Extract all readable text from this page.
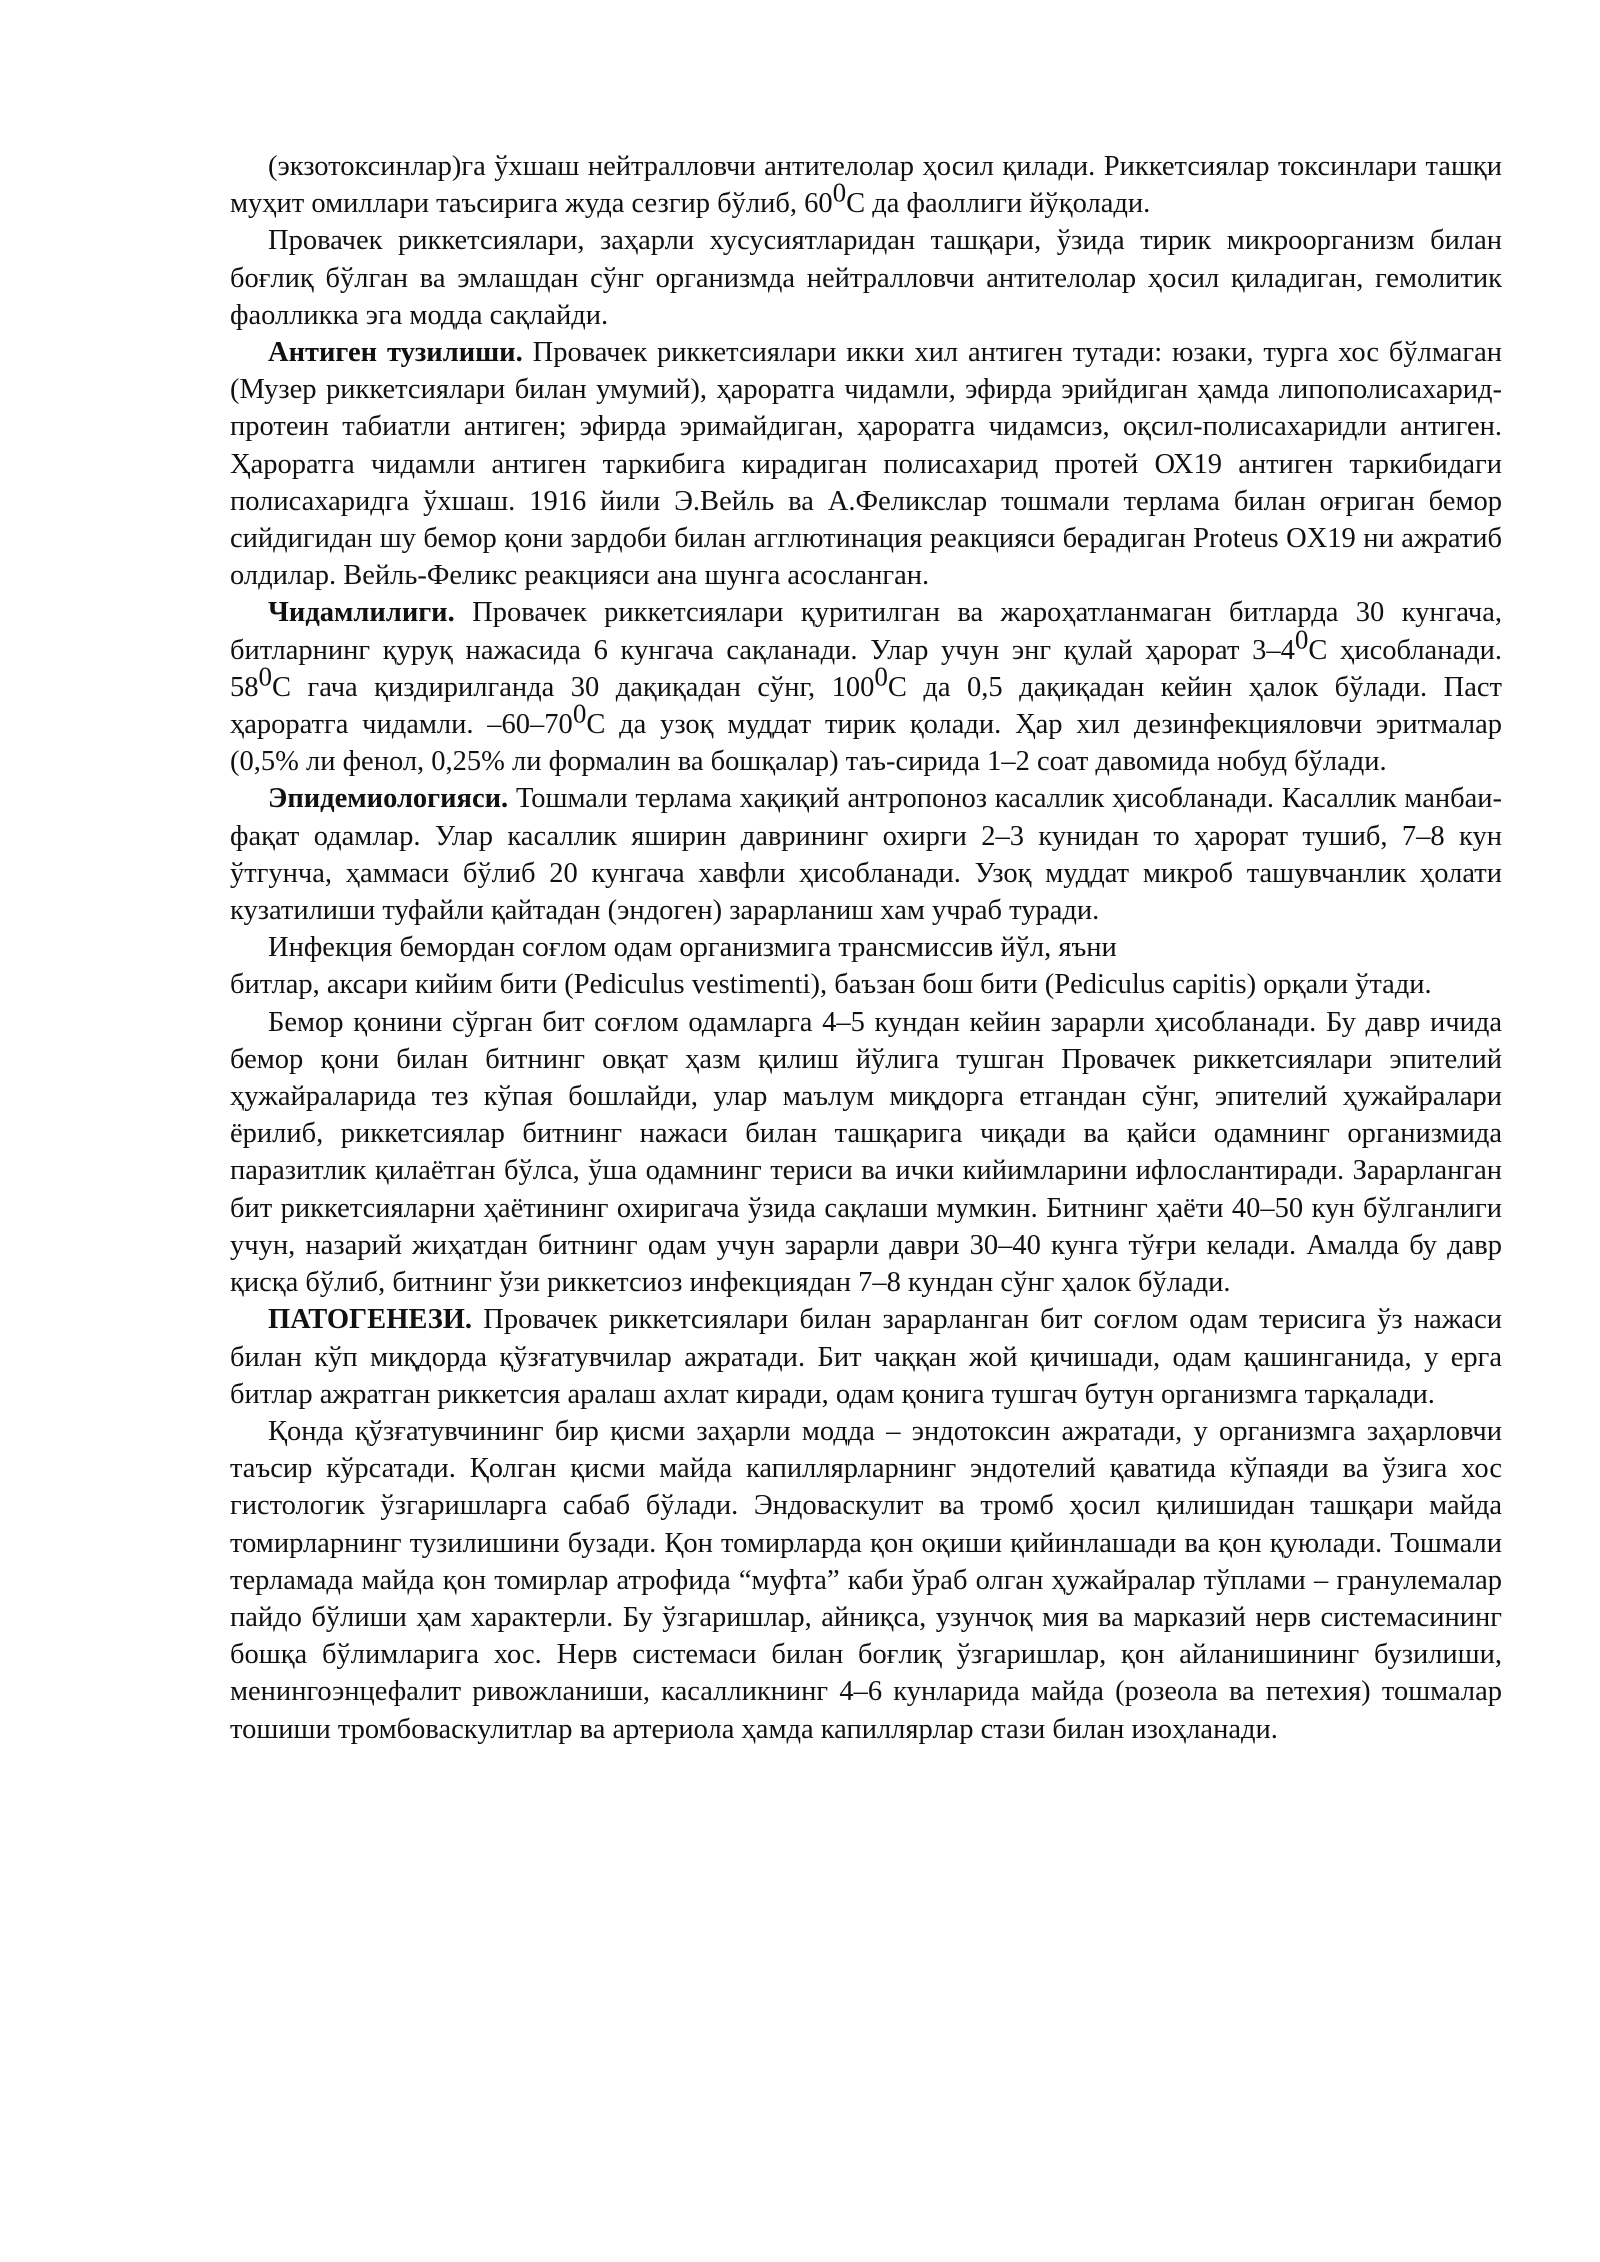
(экзотоксинлар)га ўхшаш нейтралловчи антителолар ҳосил қилади. Риккетсиялар токсинлари ташқи муҳит омиллари таъсирига жуда сезгир бўлиб, $60^0С$ да фаоллиги йўқолади.

Провачек риккетсиялари, заҳарли хусусиятларидан ташқари, ўзида тирик микроорганизм билан боғлиқ бўлган ва эмлашдан сўнг организмда нейтралловчи антителолар ҳосил қиладиган, гемолитик фаолликка эга модда сақлайди.

Антиген тузилиши. Провачек риккетсиялари икки хил антиген тутади: юзаки, турга хос бўлмаган (Музер риккетсиялари билан умумий), ҳароратга чидамли, эфирда эрийдиган ҳамда липополисахарид-протеин табиатли антиген; эфирда эримайдиган, ҳароратга чидамсиз, оқсил-полисахаридли антиген. Ҳароратга чидамли антиген таркибига кирадиган полисахарид протей ОХ19 антиген таркибидаги полисахаридга ўхшаш. 1916 йили Э.Вейль ва А.Феликслар тошмали терлама билан оғриган бемор сийдигидан шу бемор қони зардоби билан агглютинация реакцияси берадиган Proteus OX19 ни ажратиб олдилар. Вейль-Феликс реакцияси ана шунга асосланган.

Чидамлилиги. Провачек риккетсиялари қуритилган ва жароҳатланмаган битларда 30 кунгача, битларнинг қуруқ нажасида 6 кунгача сақланади. Улар учун энг қулай ҳарорат $3-4^0С$ ҳисобланади. $58^0С$ гача қиздирилганда 30 дақиқадан сўнг, $100^0С$ да 0,5 дақиқадан кейин ҳалок бўлади. Паст ҳароратга чидамли. $-60-70^0С$ да узоқ муддат тирик қолади. Ҳар хил дезинфекцияловчи эритмалар (0,5% ли фенол, 0,25% ли формалин ва бошқалар) таъ-сирида 1–2 соат давомида нобуд бўлади.

Эпидемиологияси. Тошмали терлама хақиқий антропоноз касаллик ҳисобланади. Касаллик манбаи-фақат одамлар. Улар касаллик яширин даврининг охирги 2–3 кунидан то ҳарорат тушиб, 7–8 кун ўтгунча, ҳаммаси бўлиб 20 кунгача хавфли ҳисобланади. Узоқ муддат микроб ташувчанлик ҳолати кузатилиши туфайли қайтадан (эндоген) зарарланиш хам учраб туради.

Инфекция бемордан соғлом одам организмига трансмиссив йўл, яъни

битлар, аксари кийим бити (Pediculus vestimenti), баъзан бош бити (Pediculus capitis) орқали ўтади.

Бемор қонини сўрган бит соғлом одамларга 4–5 кундан кейин зарарли ҳисобланади. Бу давр ичида бемор қони билан битнинг овқат ҳазм қилиш йўлига тушган Провачек риккетсиялари эпителий ҳужайраларида тез кўпая бошлайди, улар маълум миқдорга етгандан сўнг, эпителий ҳужайралари ёрилиб, риккетсиялар битнинг нажаси билан ташқарига чиқади ва қайси одамнинг организмида паразитлик қилаётган бўлса, ўша одамнинг териси ва ички кийимларини ифлослантиради. Зарарланган бит риккетсияларни ҳаётининг охиригача ўзида сақлаши мумкин. Битнинг ҳаёти 40–50 кун бўлганлиги учун, назарий жиҳатдан битнинг одам учун зарарли даври 30–40 кунга тўғри келади. Амалда бу давр қисқа бўлиб, битнинг ўзи риккетсиоз инфекциядан 7–8 кундан сўнг ҳалок бўлади.

ПАТОГЕНЕЗИ. Провачек риккетсиялари билан зарарланган бит соғлом одам терисига ўз нажаси билан кўп миқдорда қўзғатувчилар ажратади. Бит чаққан жой қичишади, одам қашинганида, у ерга битлар ажратган риккетсия аралаш ахлат киради, одам қонига тушгач бутун организмга тарқалади.

Қонда қўзғатувчининг бир қисми заҳарли модда – эндотоксин ажратади, у организмга заҳарловчи таъсир кўрсатади. Қолган қисми майда капиллярларнинг эндотелий қаватида кўпаяди ва ўзига хос гистологик ўзгаришларга сабаб бўлади. Эндоваскулит ва тромб ҳосил қилишидан ташқари майда томирларнинг тузилишини бузади. Қон томирларда қон оқиши қийинлашади ва қон қуюлади. Тошмали терламада майда қон томирлар атрофида “муфта” каби ўраб олган ҳужайралар тўплами – гранулемалар пайдо бўлиши ҳам характерли. Бу ўзгаришлар, айниқса, узунчоқ мия ва марказий нерв системасининг бошқа бўлимларига хос. Нерв системаси билан боғлиқ ўзгаришлар, қон айланишининг бузилиши, менингоэнцефалит ривожланиши, касалликнинг 4–6 кунларида майда (розеола ва петехия) тошмалар тошиши тромбоваскулитлар ва артериола ҳамда капиллярлар стази билан изоҳланади.
